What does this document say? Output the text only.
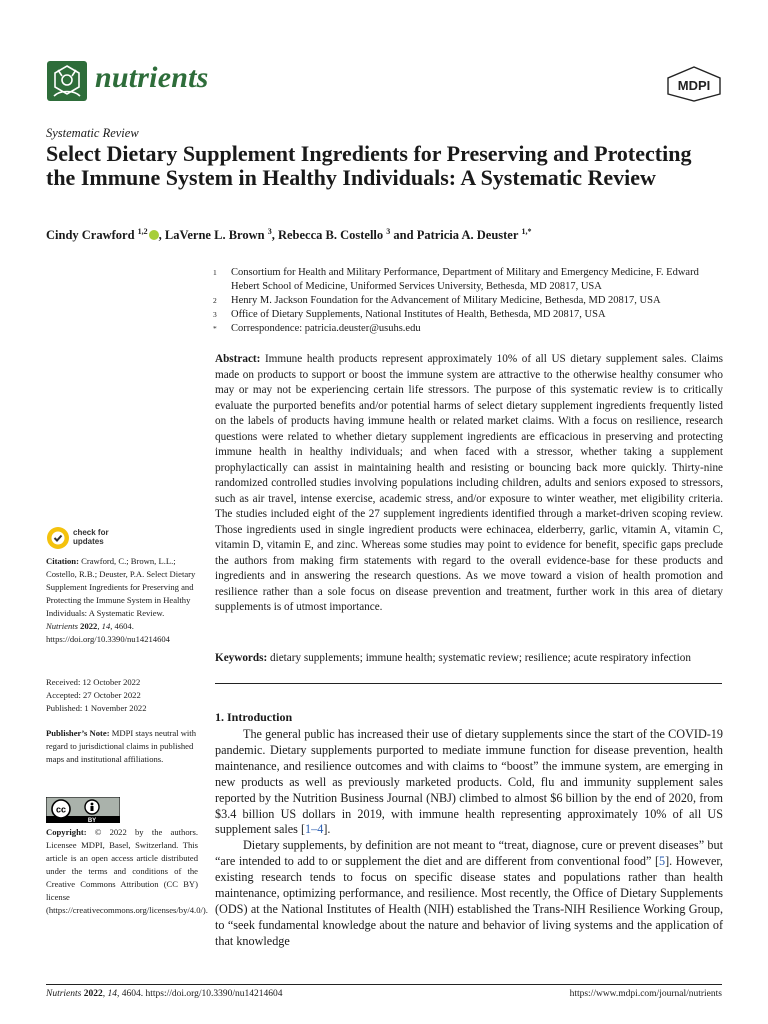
nutrients	MDPI
Systematic Review
Select Dietary Supplement Ingredients for Preserving and Protecting the Immune System in Healthy Individuals: A Systematic Review
Cindy Crawford $^{1,2}$ , LaVerne L. Brown $^3$, Rebecca B. Costello $^3$ and Patricia A. Deuster $^{1,*}$
1	Consortium for Health and Military Performance, Department of Military and Emergency Medicine, F. Edward Hebert School of Medicine, Uniformed Services University, Bethesda, MD 20817, USA
2	Henry M. Jackson Foundation for the Advancement of Military Medicine, Bethesda, MD 20817, USA
3	Office of Dietary Supplements, National Institutes of Health, Bethesda, MD 20817, USA
*	Correspondence: patricia.deuster@usuhs.edu
Abstract: Immune health products represent approximately 10% of all US dietary supplement sales. Claims made on products to support or boost the immune system are attractive to the otherwise healthy consumer who may or may not be experiencing certain life stressors. The purpose of this systematic review is to critically evaluate the purported benefits and/or potential harms of select dietary supplement ingredients frequently listed on the labels of products having immune health or related market claims. With a focus on resilience, research questions were related to whether dietary supplement ingredients are efficacious in preserving and protecting immune health in healthy individuals; and when faced with a stressor, whether taking a supplement prophylactically can assist in maintaining health and resisting or bouncing back more quickly. Thirty-nine randomized controlled studies involving populations including children, adults and seniors exposed to stressors, such as air travel, intense exercise, academic stress, and/or exposure to winter weather, met eligibility criteria. The studies included eight of the 27 supplement ingredients identified through a market-driven scoping review. Those ingredients used in single ingredient products were echinacea, elderberry, garlic, vitamin A, vitamin C, vitamin D, vitamin E, and zinc. Whereas some studies may point to evidence for benefit, specific gaps preclude the authors from making firm statements with regard to the overall evidence-base for these products and ingredients and in answering the research questions. As we move toward a vision of health promotion and resilience rather than a sole focus on disease prevention and treatment, further work in this area of dietary supplements is of utmost importance.
Keywords: dietary supplements; immune health; systematic review; resilience; acute respiratory infection
1. Introduction

The general public has increased their use of dietary supplements since the start of the COVID-19 pandemic. Dietary supplements purported to mediate immune function for disease prevention, health maintenance, and resilience outcomes and with claims to “boost” the immune system, are emerging in new products as well as previously marketed products. Cold, flu and immunity supplement sales reported by the Nutrition Business Journal (NBJ) climbed to almost $6 billion by the end of 2020, from $3.4 billion US dollars in 2019, with immune health representing approximately 10% of all US supplement sales [1–4].

Dietary supplements, by definition are not meant to “treat, diagnose, cure or prevent diseases” but “are intended to add to or supplement the diet and are different from conventional food” [5]. However, existing research tends to focus on specific disease states and populations rather than health maintenance, optimizing performance, and resilience. Most recently, the Office of Dietary Supplements (ODS) at the National Institutes of Health (NIH) established the Trans-NIH Resilience Working Group, to “seek fundamental knowledge about the nature and behavior of living systems and the application of that knowledge

check for
updates
Citation: Crawford, C.; Brown, L.L.; Costello, R.B.; Deuster, P.A. Select Dietary Supplement Ingredients for Preserving and Protecting the Immune System in Healthy Individuals: A Systematic Review. Nutrients 2022, 14, 4604. https://doi.org/10.3390/nu14214604
Received: 12 October 2022
Accepted: 27 October 2022
Published: 1 November 2022
Publisher’s Note: MDPI stays neutral with regard to jurisdictional claims in published maps and institutional affiliations.
cc
BY
Copyright: © 2022 by the authors. Licensee MDPI, Basel, Switzerland. This article is an open access article distributed under the terms and conditions of the Creative Commons Attribution (CC BY) license (https://creativecommons.org/licenses/by/4.0/).
Nutrients 2022, 14, 4604. https://doi.org/10.3390/nu14214604	https://www.mdpi.com/journal/nutrients
